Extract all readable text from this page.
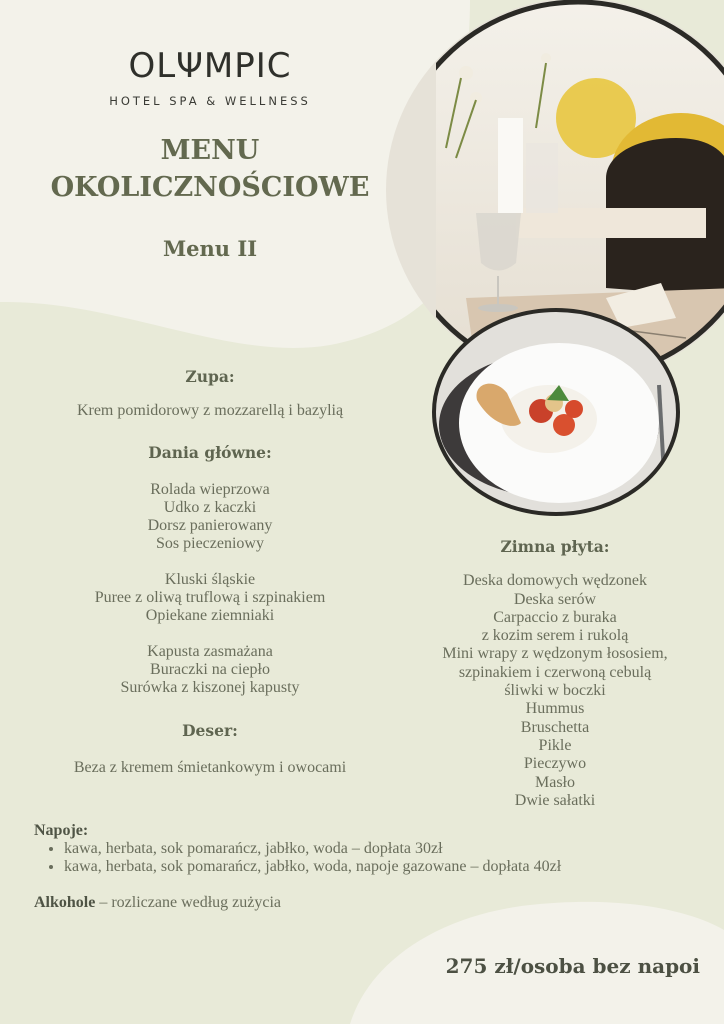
OLΨMPIC
HOTEL SPA & WELLNESS
MENU
OKOLICZNOŚCIOWE
Menu II
Zupa:
Krem pomidorowy z mozzarellą i bazylią
Dania główne:
Rolada wieprzowa
Udko z kaczki
Dorsz panierowany
Sos pieczeniowy
Kluski śląskie
Puree z oliwą truflową i szpinakiem
Opiekane ziemniaki
Kapusta zasmażana
Buraczki na ciepło
Surówka z kiszonej kapusty
Deser:
Beza z kremem śmietankowym i owocami
Zimna płyta:
Deska domowych wędzonek
Deska serów
Carpaccio z buraka
z kozim serem i rukolą
Mini wrapy z wędzonym łososiem,
szpinakiem i czerwoną cebulą
śliwki w boczki
Hummus
Bruschetta
Pikle
Pieczywo
Masło
Dwie sałatki
Napoje:
• kawa, herbata, sok pomarańcz, jabłko, woda – dopłata 30zł
• kawa, herbata, sok pomarańcz, jabłko, woda, napoje gazowane – dopłata 40zł
Alkohole – rozliczane według zużycia
275 zł/osoba bez napoi
